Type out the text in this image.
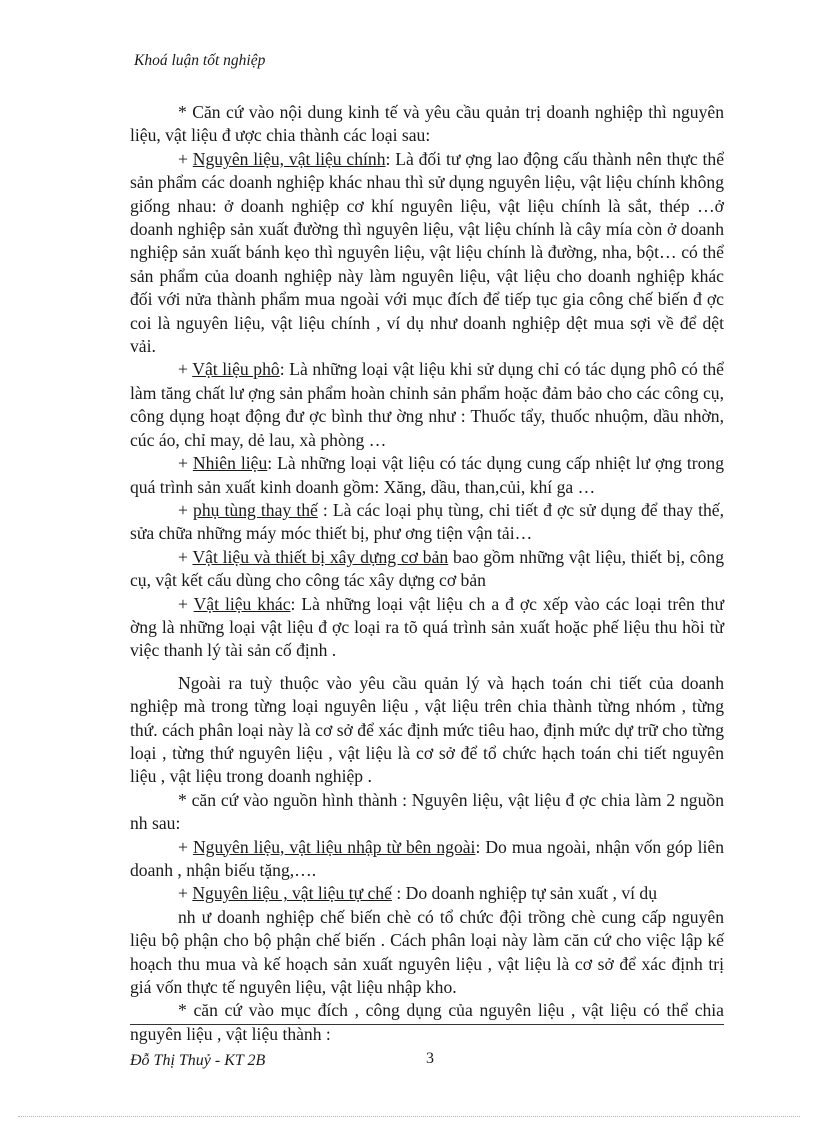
Khoá luận tốt nghiệp

* Căn cứ vào nội dung kinh tế và yêu cầu quản trị doanh nghiệp thì nguyên liệu, vật liệu đ ược chia thành các loại sau:

+ Nguyên liệu, vật liệu chính: Là đối tư ợng lao động cấu thành nên thực thể sản phẩm các doanh nghiệp khác nhau thì sử dụng nguyên liệu, vật liệu chính không giống nhau: ở doanh nghiệp cơ khí nguyên liệu, vật liệu chính là sắt, thép …ở doanh nghiệp sản xuất đường thì nguyên liệu, vật liệu chính là cây mía còn ở doanh nghiệp sản xuất bánh kẹo thì nguyên liệu, vật liệu chính là đường, nha, bột… có thể sản phẩm của doanh nghiệp này làm nguyên liệu, vật liệu cho doanh nghiệp khác đối với nửa thành phẩm mua ngoài với mục đích để tiếp tục gia công chế biến đ ợc coi là nguyên liệu, vật liệu chính , ví dụ như doanh nghiệp dệt mua sợi về để dệt vải.

+ Vật liệu phô: Là những loại vật liệu khi sử dụng chỉ có tác dụng phô có thể làm tăng chất lư ợng sản phẩm hoàn chỉnh sản phẩm hoặc đảm bảo cho các công cụ, công dụng hoạt động đư ợc bình thư ờng như : Thuốc tẩy, thuốc nhuộm, dầu nhờn, cúc áo, chỉ may, dẻ lau, xà phòng …

+ Nhiên liệu: Là những loại vật liệu có tác dụng cung cấp nhiệt lư ợng trong quá trình sản xuất kinh doanh gồm: Xăng, dầu, than,củi, khí ga …

+ phụ tùng thay thế : Là các loại phụ tùng, chi tiết đ ợc sử dụng để thay thế, sửa chữa những máy móc thiết bị, phư ơng tiện vận tải…

+ Vật liệu và thiết bị xây dựng cơ bản bao gồm những vật liệu, thiết bị, công cụ, vật kết cấu dùng cho công tác xây dựng cơ bản

+ Vật liệu khác: Là những loại vật liệu ch a đ ợc xếp vào các loại trên thư ờng là những loại vật liệu đ ợc loại ra tõ quá trình sản xuất hoặc phế liệu thu hồi từ việc thanh lý tài sản cố định .

Ngoài ra tuỳ thuộc vào yêu cầu quản lý và hạch toán chi tiết của doanh nghiệp mà trong từng loại nguyên liệu , vật liệu trên chia thành từng nhóm , từng thứ. cách phân loại này là cơ sở để xác định mức tiêu hao, định mức dự trữ cho từng loại , từng thứ nguyên liệu , vật liệu là cơ sở để tổ chức hạch toán chi tiết nguyên liệu , vật liệu trong doanh nghiệp .

* căn cứ vào nguồn hình thành : Nguyên liệu, vật liệu đ ợc chia làm 2 nguồn nh sau:

+ Nguyên liệu, vật liệu nhập từ bên ngoài: Do mua ngoài, nhận vốn góp liên doanh , nhận biếu tặng,….

+ Nguyên liệu , vật liệu tự chế : Do doanh nghiệp tự sản xuất , ví dụ

nh ư doanh nghiệp chế biến chè có tổ chức đội trồng chè cung cấp nguyên liệu bộ phận cho bộ phận chế biến . Cách phân loại này làm căn cứ cho việc lập kế hoạch thu mua và kế hoạch sản xuất nguyên liệu , vật liệu là cơ sở để xác định trị giá vốn thực tế nguyên liệu, vật liệu nhập kho.

* căn cứ vào mục đích , công dụng của nguyên liệu , vật liệu có thể chia nguyên liệu , vật liệu thành :

Đỗ Thị Thuỷ - KT 2B	3
